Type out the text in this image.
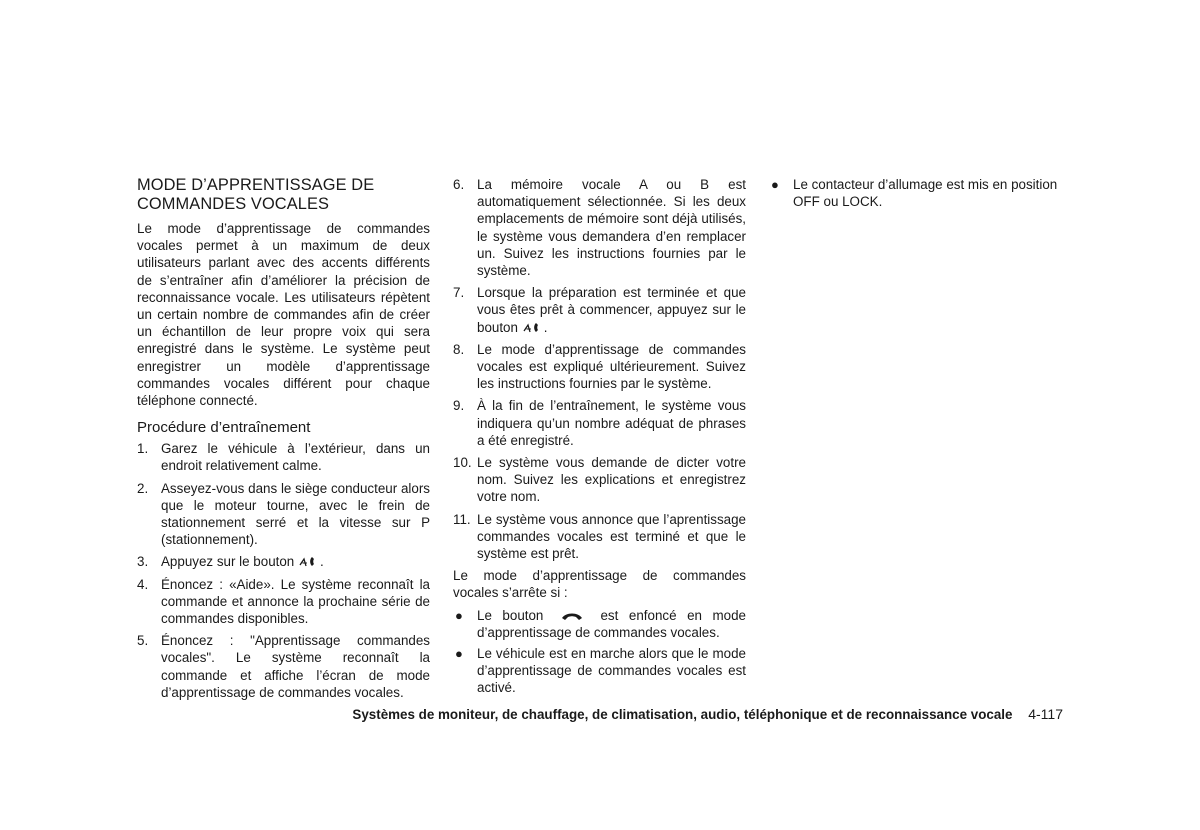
MODE D’APPRENTISSAGE DE
COMMANDES VOCALES

Le mode d’apprentissage de commandes vocales permet à un maximum de deux utilisateurs parlant avec des accents différents de s’entraîner afin d’améliorer la précision de reconnaissance vocale. Les utilisateurs répètent un certain nombre de commandes afin de créer un échantillon de leur propre voix qui sera enregistré dans le système. Le système peut enregistrer un modèle d’apprentissage commandes vocales différent pour chaque téléphone connecté.

Procédure d’entraînement
1. Garez le véhicule à l’extérieur, dans un endroit relativement calme.
2. Asseyez-vous dans le siège conducteur alors que le moteur tourne, avec le frein de stationnement serré et la vitesse sur P (stationnement).
3. Appuyez sur le bouton .
4. Énoncez : «Aide». Le système reconnaît la commande et annonce la prochaine série de commandes disponibles.
5. Énoncez : "Apprentissage commandes vocales". Le système reconnaît la commande et affiche l’écran de mode d’apprentissage de commandes vocales.
6. La mémoire vocale A ou B est automatiquement sélectionnée. Si les deux emplacements de mémoire sont déjà utilisés, le système vous demandera d’en remplacer un. Suivez les instructions fournies par le système.
7. Lorsque la préparation est terminée et que vous êtes prêt à commencer, appuyez sur le bouton .
8. Le mode d’apprentissage de commandes vocales est expliqué ultérieurement. Suivez les instructions fournies par le système.
9. À la fin de l’entraînement, le système vous indiquera qu’un nombre adéquat de phrases a été enregistré.
10. Le système vous demande de dicter votre nom. Suivez les explications et enregistrez votre nom.
11. Le système vous annonce que l’aprentissage commandes vocales est terminé et que le système est prêt.

Le mode d’apprentissage de commandes vocales s’arrête si :

● Le bouton	est enfoncé en mode d’apprentissage de commandes vocales.
● Le véhicule est en marche alors que le mode d’apprentissage de commandes vocales est activé.
● Le contacteur d’allumage est mis en position OFF ou LOCK.
Systèmes de moniteur, de chauffage, de climatisation, audio, téléphonique et de reconnaissance vocale 4-117
